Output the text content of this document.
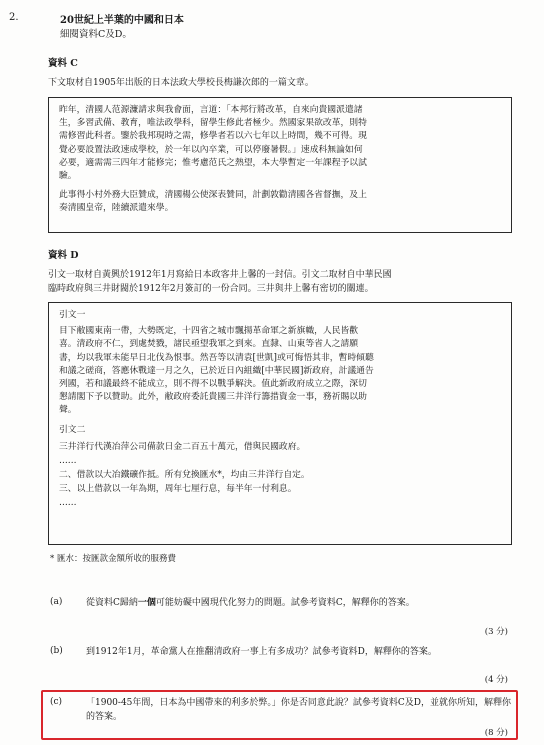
2.	20世紀上半葉的中國和日本
細閱資料C及D。
資料 C
下文取材自1905年出版的日本法政大學校長梅謙次郎的一篇文章。

昨年，清國人范源濂請求與我會面，言道：「本邦行將改革，自來向貴國派遣諸

生，多習武備、教育，唯法政學科，留學生修此者極少。然國家果欲改革，則特

需修習此科者。鑒於我邦現時之需，修學者若以六七年以上時間，幾不可得。現

覺必要設置法政速成學校，於一年以內卒業，可以停廢暑假。」速成科無論如何

必要，適需需三四年才能修完；惟考慮范氏之熱望，本大學暫定一年課程予以試

驗。

此事得小村外務大臣贊成，清國楊公使深表贊同，計劃敦勸清國各省督撫，及上

奏清國皇帝，陸續派遣來學。

資料 D
引文一取材自黃興於1912年1月寫給日本政客井上馨的一封信。引文二取材自中華民國
臨時政府與三井財閥於1912年2月簽訂的一份合同。三井與井上馨有密切的關連。
引文一

目下敝國東南一帶，大勢既定，十四省之城市飄揚革命軍之新旗幟，人民皆歡

喜。清政府不仁，到處焚戮，諸民亟望我軍之到來。直隸、山東等省人之請願

書，均以我軍未能早日北伐為恨事。然吾等以清袁[世凱]或可悔悟其非，暫時傾聽

和議之磋商，答應休戰達一月之久，已於近日內組織[中華民國]新政府，計議通告

列國，若和議最終不能成立，則不得不以戰爭解決。值此新政府成立之際，深切

懇請閣下予以贊助。此外，敝政府委託貴國三井洋行籌措資金一事，務祈賜以助

聲。

引文二

三井洋行代漢冶萍公司備款日金二百五十萬元，借與民國政府。

……

二、借款以大冶鐵礦作抵。所有兌換匯水*，均由三井洋行自定。

三、以上借款以一年為期，周年七厘行息，每半年一付利息。

……

* 匯水：按匯款金額所收的服務費
(a)	從資料C歸納一個可能妨礙中國現代化努力的問題。試參考資料C，解釋你的答案。
(3 分)
(b)	到1912年1月，革命黨人在推翻清政府一事上有多成功？試參考資料D，解釋你的答案。
(4 分)
(c)	「1900-45年間，日本為中國帶來的利多於弊。」你是否同意此說？試參考資料C及D，並就你所知，解釋你的答案。
(8 分)
